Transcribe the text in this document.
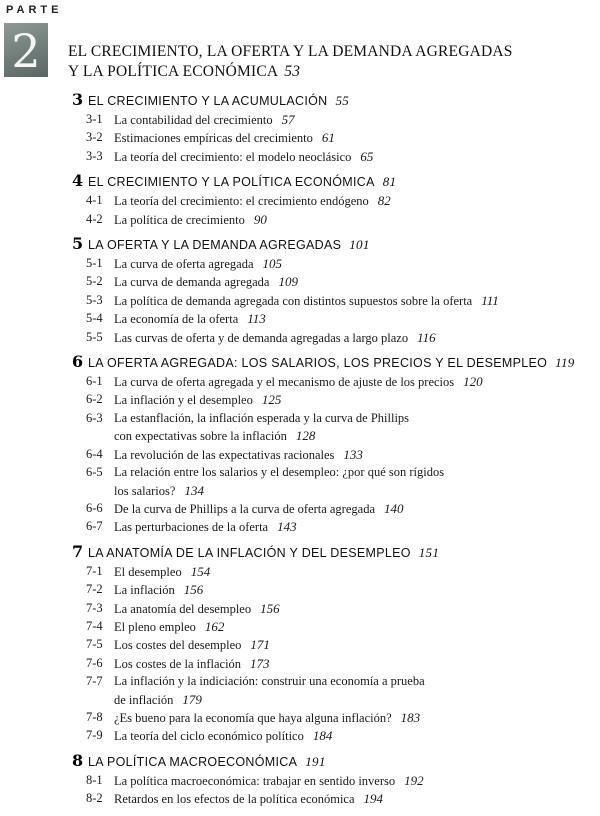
PARTE
2	EL CRECIMIENTO, LA OFERTA Y LA DEMANDA AGREGADAS
Y LA POLÍTICA ECONÓMICA 53
3 EL CRECIMIENTO Y LA ACUMULACIÓN 55
3-1 La contabilidad del crecimiento 57
3-2 Estimaciones empíricas del crecimiento 61
3-3 La teoría del crecimiento: el modelo neoclásico 65
4 EL CRECIMIENTO Y LA POLÍTICA ECONÓMICA 81
4-1 La teoría del crecimiento: el crecimiento endógeno 82
4-2 La política de crecimiento 90
5 LA OFERTA Y LA DEMANDA AGREGADAS 101
5-1 La curva de oferta agregada 105
5-2 La curva de demanda agregada 109
5-3 La política de demanda agregada con distintos supuestos sobre la oferta 111
5-4 La economía de la oferta 113
5-5 Las curvas de oferta y de demanda agregadas a largo plazo 116
6 LA OFERTA AGREGADA: LOS SALARIOS, LOS PRECIOS Y EL DESEMPLEO 119
6-1 La curva de oferta agregada y el mecanismo de ajuste de los precios 120
6-2 La inflación y el desempleo 125
6-3 La estanflación, la inflación esperada y la curva de Phillips
con expectativas sobre la inflación 128
6-4 La revolución de las expectativas racionales 133
6-5 La relación entre los salarios y el desempleo: ¿por qué son rígidos
los salarios? 134
6-6 De la curva de Phillips a la curva de oferta agregada 140
6-7 Las perturbaciones de la oferta 143
7 LA ANATOMÍA DE LA INFLACIÓN Y DEL DESEMPLEO 151
7-1 El desempleo 154
7-2 La inflación 156
7-3 La anatomía del desempleo 156
7-4 El pleno empleo 162
7-5 Los costes del desempleo 171
7-6 Los costes de la inflación 173
7-7 La inflación y la indiciación: construir una economía a prueba
de inflación 179
7-8 ¿Es bueno para la economía que haya alguna inflación? 183
7-9 La teoría del ciclo económico político 184
8 LA POLÍTICA MACROECONÓMICA 191
8-1 La política macroeconómica: trabajar en sentido inverso 192
8-2 Retardos en los efectos de la política económica 194
